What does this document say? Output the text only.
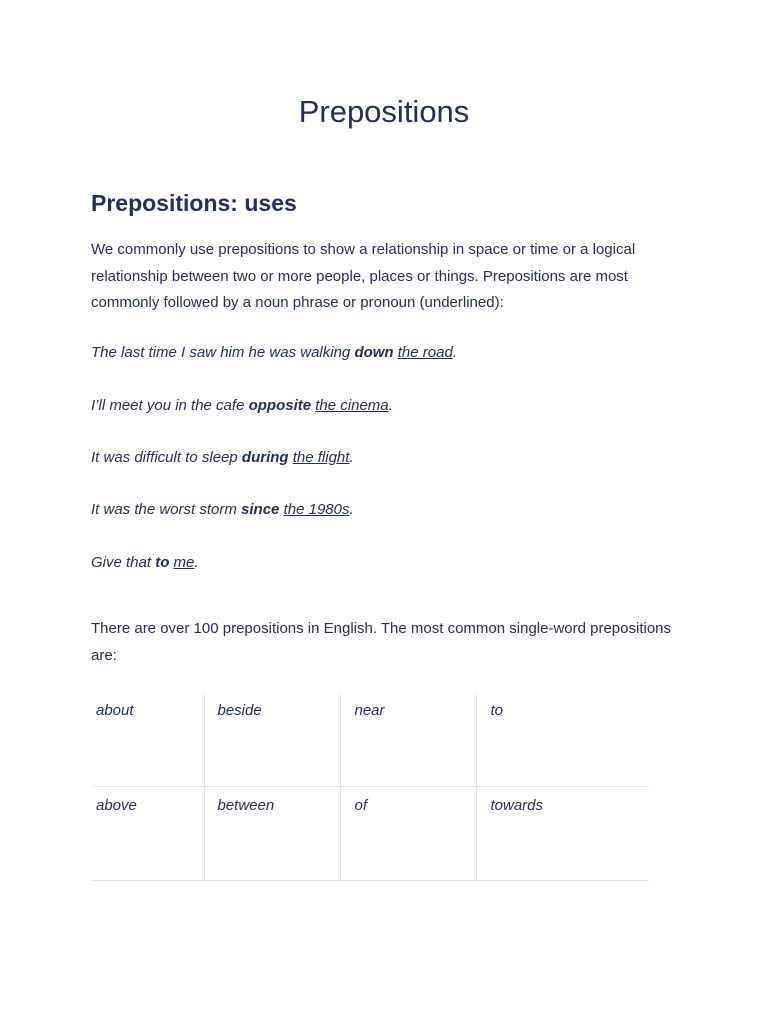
Prepositions
Prepositions: uses

We commonly use prepositions to show a relationship in space or time or a logical relationship between two or more people, places or things. Prepositions are most commonly followed by a noun phrase or pronoun (underlined):

The last time I saw him he was walking down the road.

I’ll meet you in the cafe opposite the cinema.

It was difficult to sleep during the flight.

It was the worst storm since the 1980s.

Give that to me.

There are over 100 prepositions in English. The most common single-word prepositions are:

about	beside	near	to
above	between	of	towards
